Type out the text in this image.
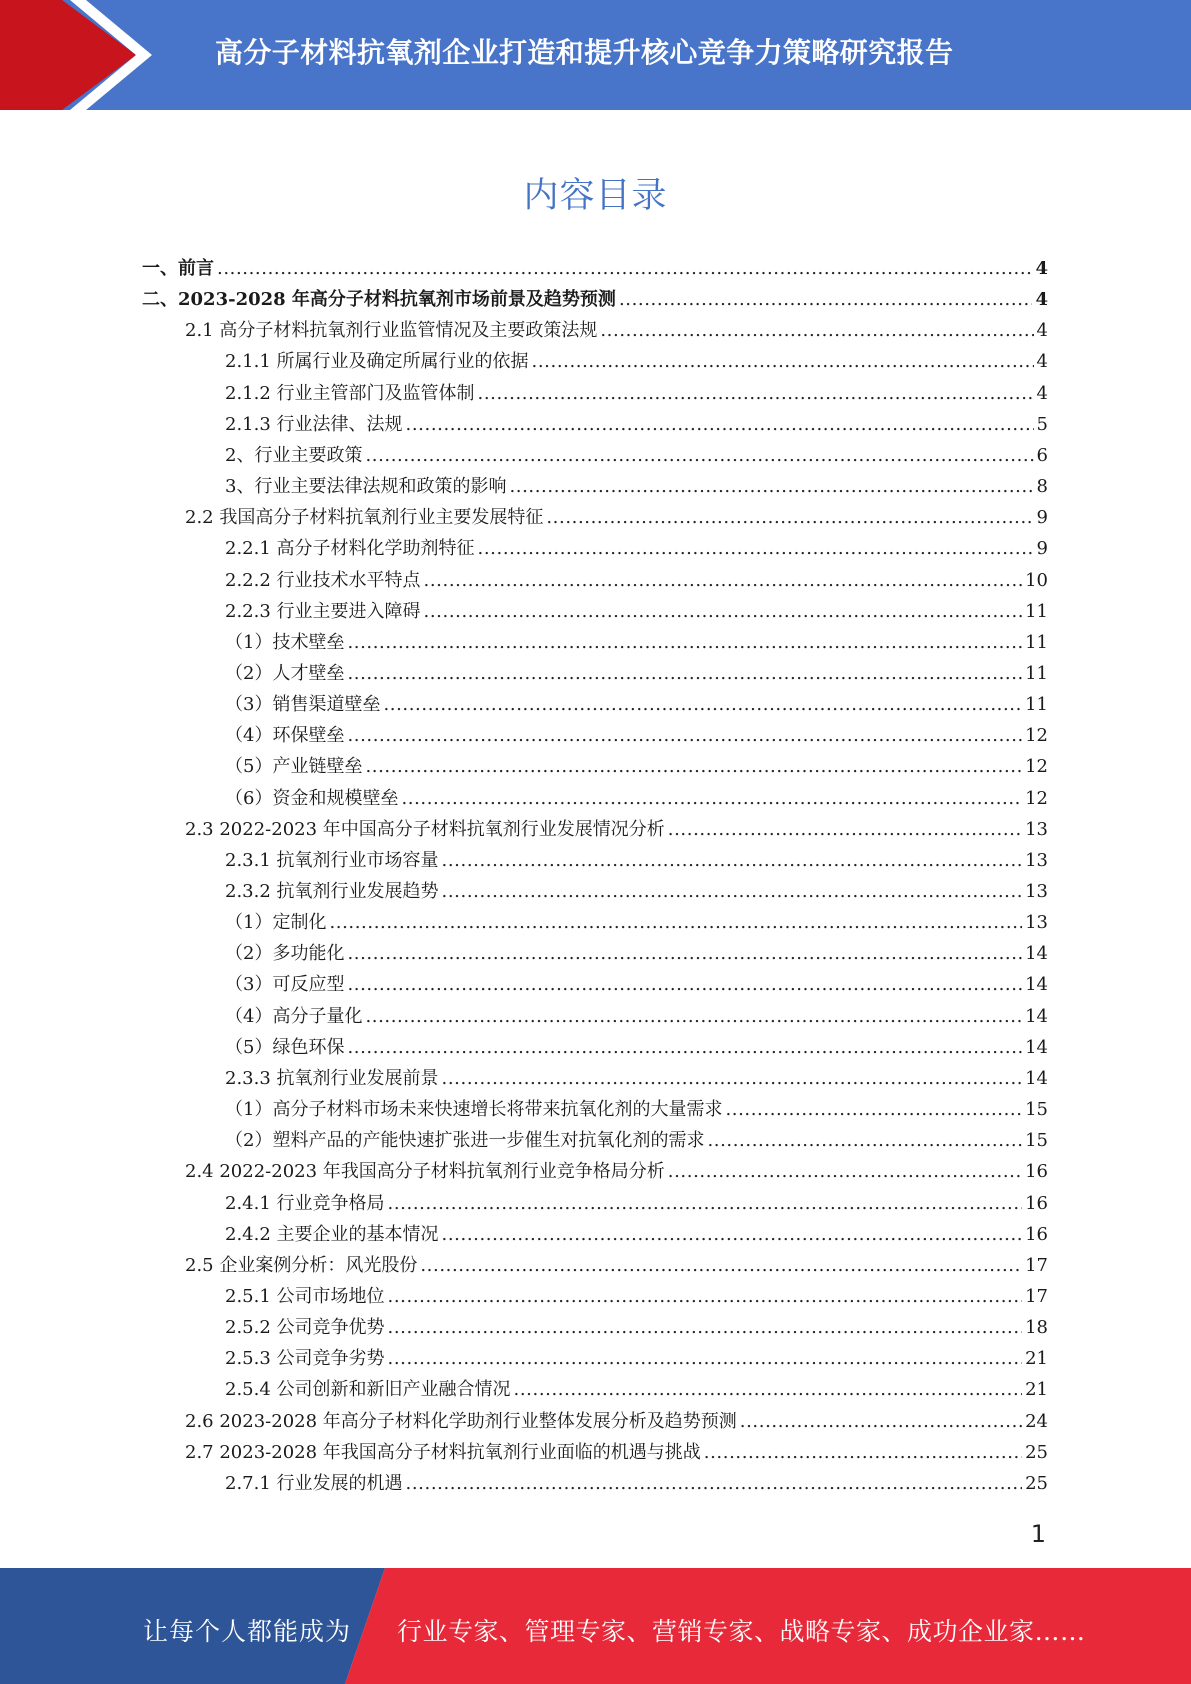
高分子材料抗氧剂企业打造和提升核心竞争力策略研究报告
内容目录
一、前言 .....	4
二、2023-2028 年高分子材料抗氧剂市场前景及趋势预测 .....	4
2.1 高分子材料抗氧剂行业监管情况及主要政策法规 .....	4
2.1.1 所属行业及确定所属行业的依据 .....	4
2.1.2 行业主管部门及监管体制 .....	4
2.1.3 行业法律、法规 .....	5
2、行业主要政策 .....	6
3、行业主要法律法规和政策的影响 .....	8
2.2 我国高分子材料抗氧剂行业主要发展特征 .....	9
2.2.1 高分子材料化学助剂特征 .....	9
2.2.2 行业技术水平特点 .....	10
2.2.3 行业主要进入障碍 .....	11
（1）技术壁垒 .....	11
（2）人才壁垒 .....	11
（3）销售渠道壁垒 .....	11
（4）环保壁垒 .....	12
（5）产业链壁垒 .....	12
（6）资金和规模壁垒 .....	12
2.3 2022-2023 年中国高分子材料抗氧剂行业发展情况分析 .....	13
2.3.1 抗氧剂行业市场容量 .....	13
2.3.2 抗氧剂行业发展趋势 .....	13
（1）定制化 .....	13
（2）多功能化 .....	14
（3）可反应型 .....	14
（4）高分子量化 .....	14
（5）绿色环保 .....	14
2.3.3 抗氧剂行业发展前景 .....	14
（1）高分子材料市场未来快速增长将带来抗氧化剂的大量需求 .....	15
（2）塑料产品的产能快速扩张进一步催生对抗氧化剂的需求 .....	15
2.4 2022-2023 年我国高分子材料抗氧剂行业竞争格局分析 .....	16
2.4.1 行业竞争格局 .....	16
2.4.2 主要企业的基本情况 .....	16
2.5 企业案例分析：风光股份 .....	17
2.5.1 公司市场地位 .....	17
2.5.2 公司竞争优势 .....	18
2.5.3 公司竞争劣势 .....	21
2.5.4 公司创新和新旧产业融合情况 .....	21
2.6 2023-2028 年高分子材料化学助剂行业整体发展分析及趋势预测 .....	24
2.7 2023-2028 年我国高分子材料抗氧剂行业面临的机遇与挑战 .....	25
2.7.1 行业发展的机遇 .....	25
1
让每个人都能成为 行业专家、管理专家、营销专家、战略专家、成功企业家……
